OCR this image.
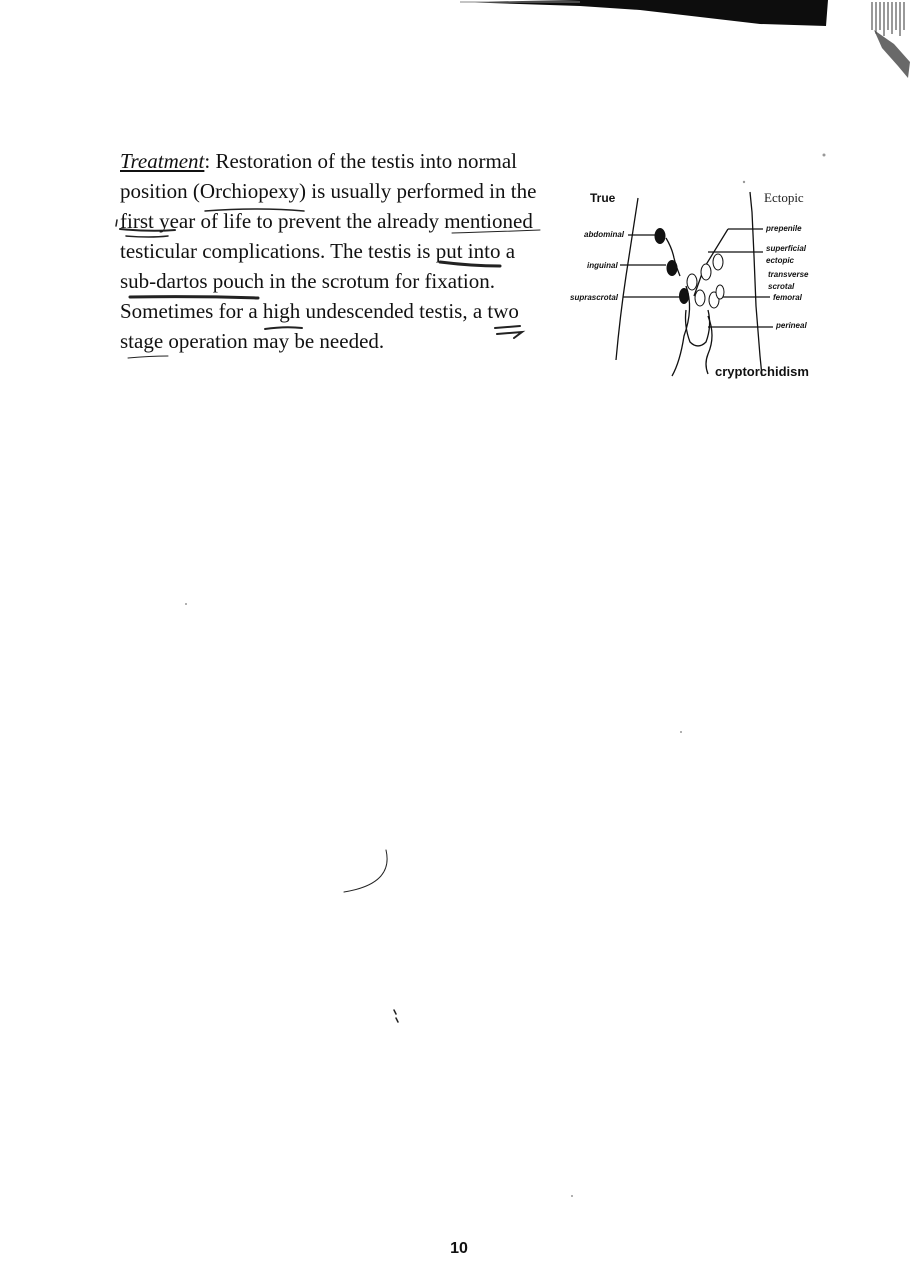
Treatment: Restoration of the testis into normal
position (Orchiopexy) is usually performed in the
first year of life to prevent the already mentioned
testicular complications. The testis is put into a
sub-dartos pouch in the scrotum for fixation.
Sometimes for a high undescended testis, a two
stage operation may be needed.

True	Ectopic
abdominal
inguinal
suprascrotal
prepenile
superficial
ectopic
transverse
scrotal
femoral
perineal
cryptorchidism
10
